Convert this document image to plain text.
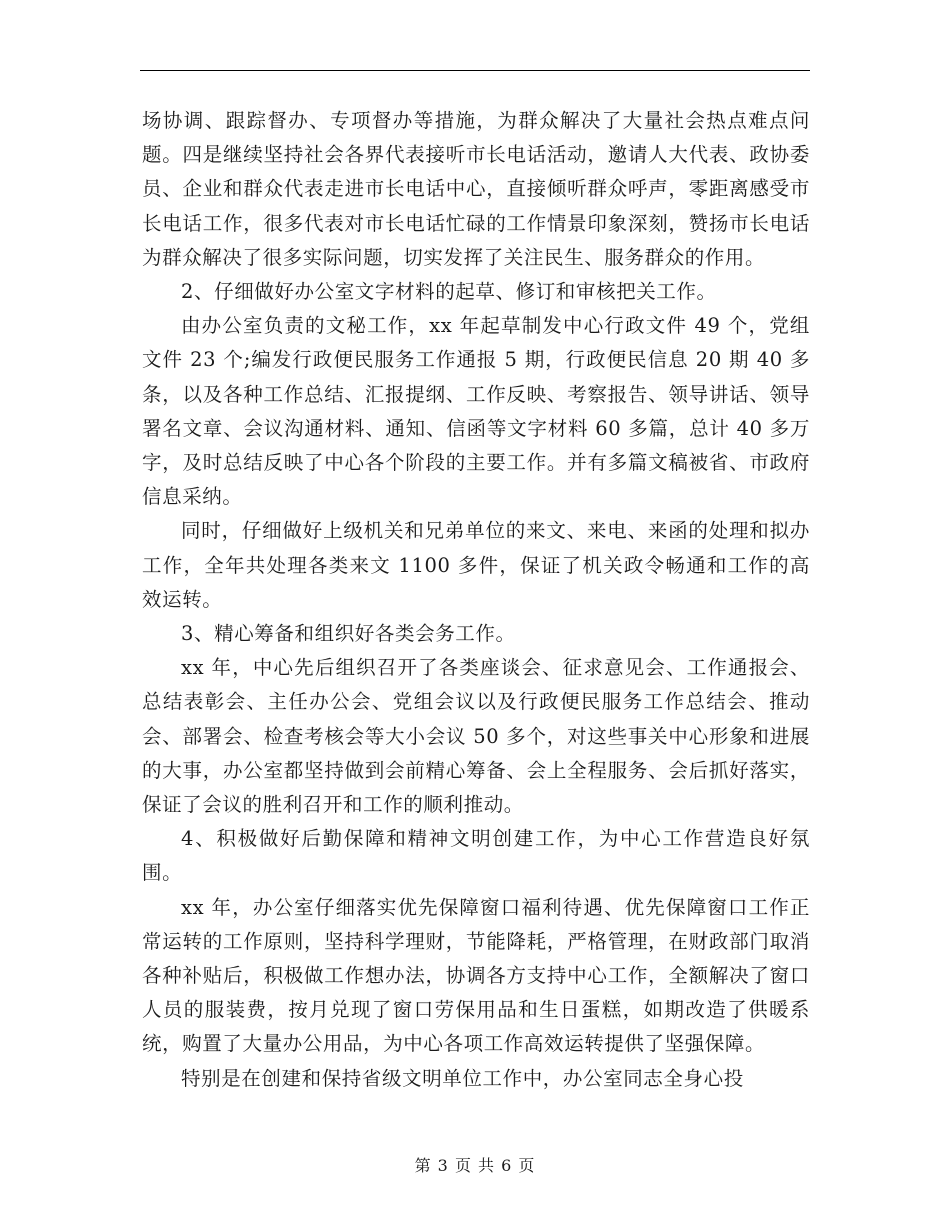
场协调、跟踪督办、专项督办等措施，为群众解决了大量社会热点难点问题。四是继续坚持社会各界代表接听市长电话活动，邀请人大代表、政协委员、企业和群众代表走进市长电话中心，直接倾听群众呼声，零距离感受市长电话工作，很多代表对市长电话忙碌的工作情景印象深刻，赞扬市长电话为群众解决了很多实际问题，切实发挥了关注民生、服务群众的作用。

2、仔细做好办公室文字材料的起草、修订和审核把关工作。

由办公室负责的文秘工作，xx 年起草制发中心行政文件 49 个，党组文件 23 个;编发行政便民服务工作通报 5 期，行政便民信息 20 期 40 多条，以及各种工作总结、汇报提纲、工作反映、考察报告、领导讲话、领导署名文章、会议沟通材料、通知、信函等文字材料 60 多篇，总计 40 多万字，及时总结反映了中心各个阶段的主要工作。并有多篇文稿被省、市政府信息采纳。

同时，仔细做好上级机关和兄弟单位的来文、来电、来函的处理和拟办工作，全年共处理各类来文 1100 多件，保证了机关政令畅通和工作的高效运转。

3、精心筹备和组织好各类会务工作。

xx 年，中心先后组织召开了各类座谈会、征求意见会、工作通报会、总结表彰会、主任办公会、党组会议以及行政便民服务工作总结会、推动会、部署会、检查考核会等大小会议 50 多个，对这些事关中心形象和进展的大事，办公室都坚持做到会前精心筹备、会上全程服务、会后抓好落实，保证了会议的胜利召开和工作的顺利推动。

4、积极做好后勤保障和精神文明创建工作，为中心工作营造良好氛围。

xx 年，办公室仔细落实优先保障窗口福利待遇、优先保障窗口工作正常运转的工作原则，坚持科学理财，节能降耗，严格管理，在财政部门取消各种补贴后，积极做工作想办法，协调各方支持中心工作，全额解决了窗口人员的服装费，按月兑现了窗口劳保用品和生日蛋糕，如期改造了供暖系统，购置了大量办公用品，为中心各项工作高效运转提供了坚强保障。

特别是在创建和保持省级文明单位工作中，办公室同志全身心投

第 3 页 共 6 页
